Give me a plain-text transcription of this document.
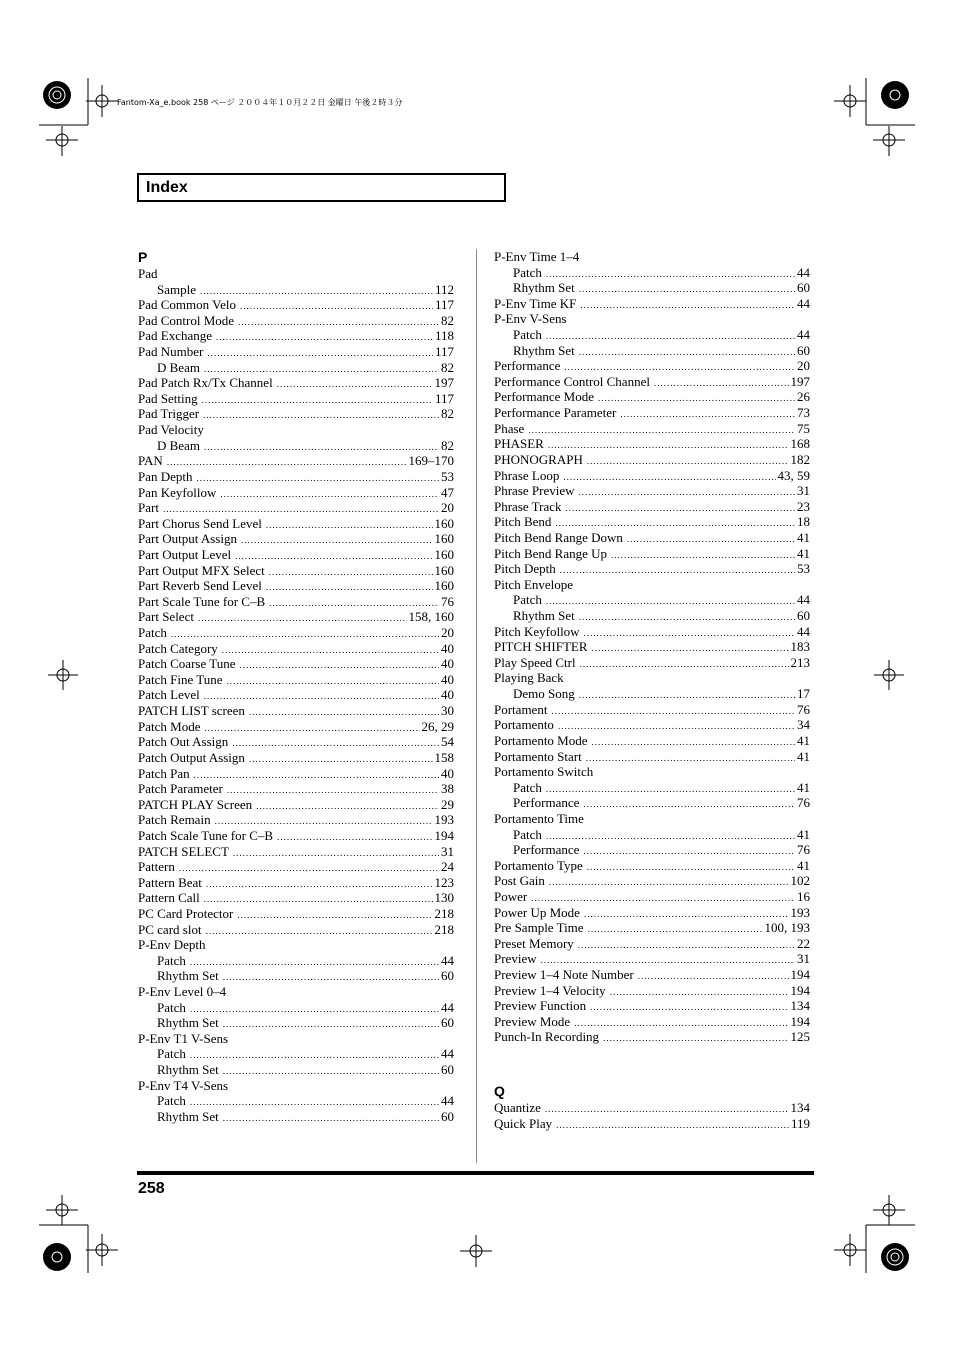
Fantom-Xa_e.book 258 ページ ２００４年１０月２２日 金曜日 午後２時３分
Index
P
Pad
Sample .....	112
Pad Common Velo .....	117
Pad Control Mode .....	82
Pad Exchange .....	118
Pad Number .....	117
D Beam .....	82
Pad Patch Rx/Tx Channel .....	197
Pad Setting .....	117
Pad Trigger .....	82
Pad Velocity
D Beam .....	82
PAN .....	169–170
Pan Depth .....	53
Pan Keyfollow .....	47
Part .....	20
Part Chorus Send Level .....	160
Part Output Assign .....	160
Part Output Level .....	160
Part Output MFX Select .....	160
Part Reverb Send Level .....	160
Part Scale Tune for C–B .....	76
Part Select .....	158, 160
Patch .....	20
Patch Category .....	40
Patch Coarse Tune .....	40
Patch Fine Tune .....	40
Patch Level .....	40
PATCH LIST screen .....	30
Patch Mode .....	26, 29
Patch Out Assign .....	54
Patch Output Assign .....	158
Patch Pan .....	40
Patch Parameter .....	38
PATCH PLAY Screen .....	29
Patch Remain .....	193
Patch Scale Tune for C–B .....	194
PATCH SELECT .....	31
Pattern .....	24
Pattern Beat .....	123
Pattern Call .....	130
PC Card Protector .....	218
PC card slot .....	218
P-Env Depth
Patch .....	44
Rhythm Set .....	60
P-Env Level 0–4
Patch .....	44
Rhythm Set .....	60
P-Env T1 V-Sens
Patch .....	44
Rhythm Set .....	60
P-Env T4 V-Sens
Patch .....	44
Rhythm Set .....	60
P-Env Time 1–4
Patch .....	44
Rhythm Set .....	60
P-Env Time KF .....	44
P-Env V-Sens
Patch .....	44
Rhythm Set .....	60
Performance .....	20
Performance Control Channel .....	197
Performance Mode .....	26
Performance Parameter .....	73
Phase .....	75
PHASER .....	168
PHONOGRAPH .....	182
Phrase Loop .....	43, 59
Phrase Preview .....	31
Phrase Track .....	23
Pitch Bend .....	18
Pitch Bend Range Down .....	41
Pitch Bend Range Up .....	41
Pitch Depth .....	53
Pitch Envelope
Patch .....	44
Rhythm Set .....	60
Pitch Keyfollow .....	44
PITCH SHIFTER .....	183
Play Speed Ctrl .....	213
Playing Back
Demo Song .....	17
Portament .....	76
Portamento .....	34
Portamento Mode .....	41
Portamento Start .....	41
Portamento Switch
Patch .....	41
Performance .....	76
Portamento Time
Patch .....	41
Performance .....	76
Portamento Type .....	41
Post Gain .....	102
Power .....	16
Power Up Mode .....	193
Pre Sample Time .....	100, 193
Preset Memory .....	22
Preview .....	31
Preview 1–4 Note Number .....	194
Preview 1–4 Velocity .....	194
Preview Function .....	134
Preview Mode .....	194
Punch-In Recording .....	125
Q
Quantize .....	134
Quick Play .....	119
258
